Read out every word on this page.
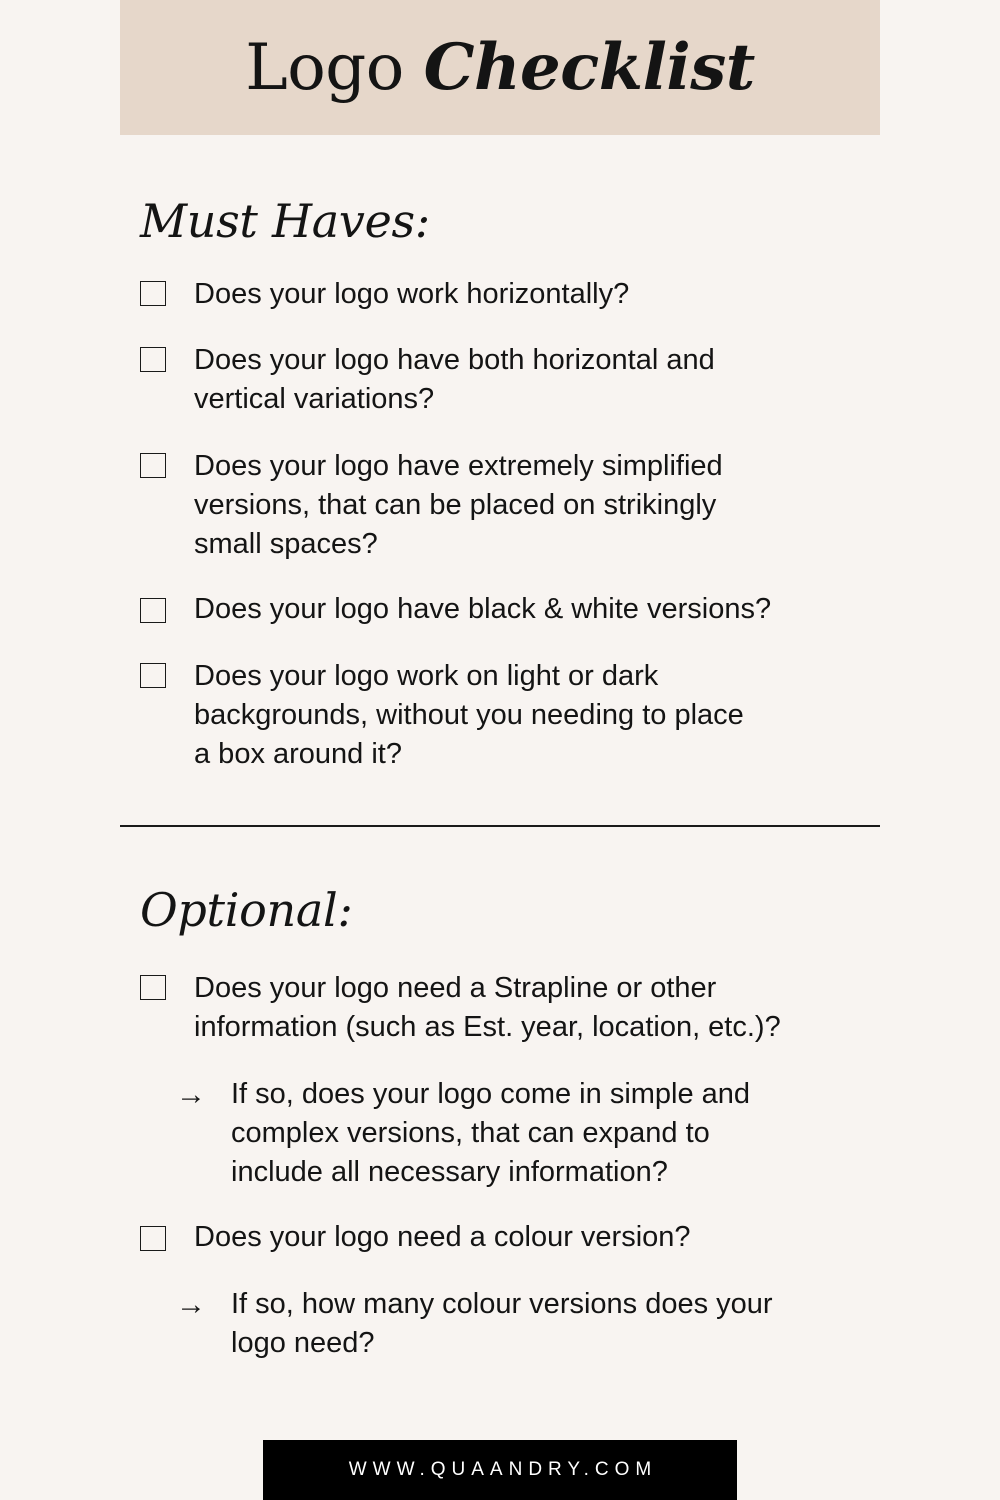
Logo Checklist
Must Haves:
Does your logo work horizontally?
Does your logo have both horizontal and
vertical variations?
Does your logo have extremely simplified
versions, that can be placed on strikingly
small spaces?
Does your logo have black & white versions?
Does your logo work on light or dark
backgrounds, without you needing to place
a box around it?
Optional:
Does your logo need a Strapline or other
information (such as Est. year, location, etc.)?
→ If so, does your logo come in simple and
complex versions, that can expand to
include all necessary information?
Does your logo need a colour version?
→ If so, how many colour versions does your
logo need?
WWW.QUAANDRY.COM
